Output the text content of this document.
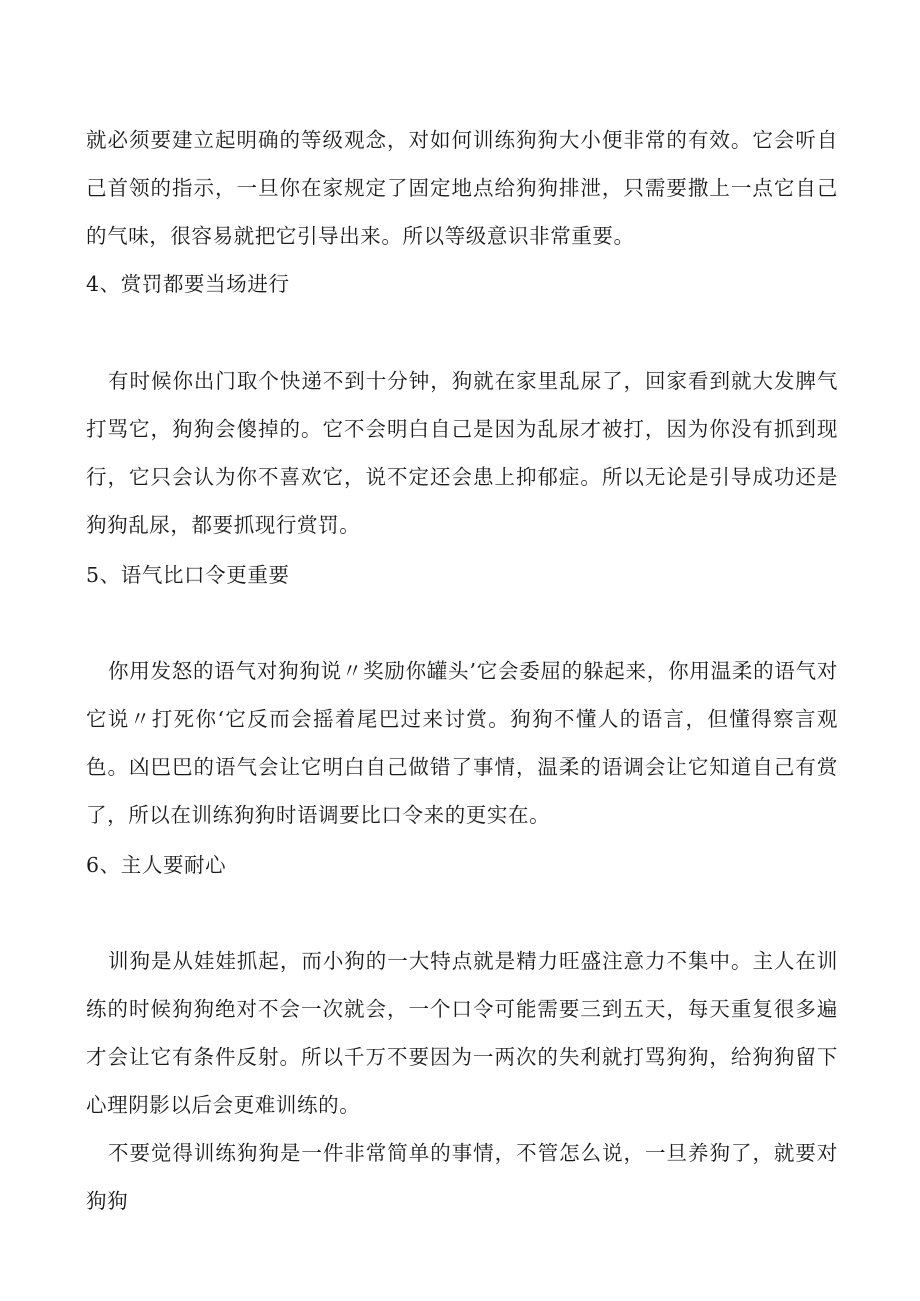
就必须要建立起明确的等级观念，对如何训练狗狗大小便非常的有效。它会听自己首领的指示，一旦你在家规定了固定地点给狗狗排泄，只需要撒上一点它自己的气味，很容易就把它引导出来。所以等级意识非常重要。

4、赏罚都要当场进行

有时候你出门取个快递不到十分钟，狗就在家里乱尿了，回家看到就大发脾气打骂它，狗狗会傻掉的。它不会明白自己是因为乱尿才被打，因为你没有抓到现行，它只会认为你不喜欢它，说不定还会患上抑郁症。所以无论是引导成功还是狗狗乱尿，都要抓现行赏罚。

5、语气比口令更重要

你用发怒的语气对狗狗说〃奖励你罐头’它会委屈的躲起来，你用温柔的语气对它说〃打死你‘它反而会摇着尾巴过来讨赏。狗狗不懂人的语言，但懂得察言观色。凶巴巴的语气会让它明白自己做错了事情，温柔的语调会让它知道自己有赏了，所以在训练狗狗时语调要比口令来的更实在。

6、主人要耐心

训狗是从娃娃抓起，而小狗的一大特点就是精力旺盛注意力不集中。主人在训练的时候狗狗绝对不会一次就会，一个口令可能需要三到五天，每天重复很多遍才会让它有条件反射。所以千万不要因为一两次的失利就打骂狗狗，给狗狗留下心理阴影以后会更难训练的。

不要觉得训练狗狗是一件非常简单的事情，不管怎么说，一旦养狗了，就要对狗狗
